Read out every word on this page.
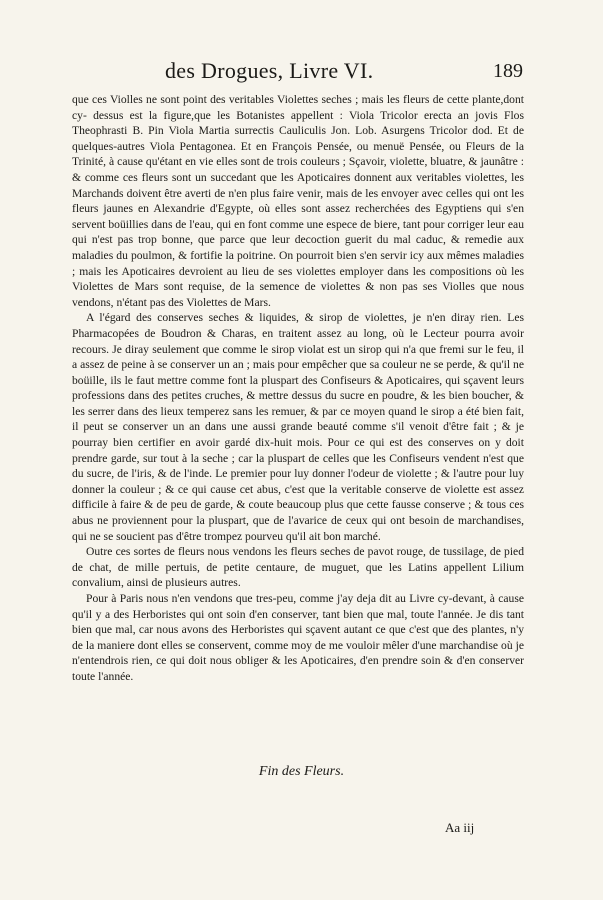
des Drogues, Livre VI.	189

que ces Violles ne sont point des veritables Violettes seches ; mais les fleurs de cette plante,dont cy- dessus est la figure,que les Botanistes appellent : Viola Tricolor erecta an jovis Flos Theophrasti B. Pin Viola Martia surrectis Cauliculis Jon. Lob. Asurgens Tricolor dod. Et de quelques-autres Viola Pentagonea. Et en François Pensée, ou menuë Pensée, ou Fleurs de la Trinité, à cause qu'étant en vie elles sont de trois couleurs ; Sçavoir, violette, bluatre, & jaunâtre : & comme ces fleurs sont un succedant que les Apoticaires donnent aux veritables violettes, les Marchands doivent être averti de n'en plus faire venir, mais de les envoyer avec celles qui ont les fleurs jaunes en Alexandrie d'Egypte, où elles sont assez recherchées des Egyptiens qui s'en servent boüillies dans de l'eau, qui en font comme une espece de biere, tant pour corriger leur eau qui n'est pas trop bonne, que parce que leur decoction guerit du mal caduc, & remedie aux maladies du poulmon, & fortifie la poitrine. On pourroit bien s'en servir icy aux mêmes maladies ; mais les Apoticaires devroient au lieu de ses violettes employer dans les compositions où les Violettes de Mars sont requise, de la semence de violettes & non pas ses Violles que nous vendons, n'étant pas des Violettes de Mars.

A l'égard des conserves seches & liquides, & sirop de violettes, je n'en diray rien. Les Pharmacopées de Boudron & Charas, en traitent assez au long, où le Lecteur pourra avoir recours. Je diray seulement que comme le sirop violat est un sirop qui n'a que fremi sur le feu, il a assez de peine à se conserver un an ; mais pour empêcher que sa couleur ne se perde, & qu'il ne boüille, ils le faut mettre comme font la pluspart des Confiseurs & Apoticaires, qui sçavent leurs professions dans des petites cruches, & mettre dessus du sucre en poudre, & les bien boucher, & les serrer dans des lieux temperez sans les remuer, & par ce moyen quand le sirop a été bien fait, il peut se conserver un an dans une aussi grande beauté comme s'il venoit d'être fait ; & je pourray bien certifier en avoir gardé dix-huit mois. Pour ce qui est des conserves on y doit prendre garde, sur tout à la seche ; car la pluspart de celles que les Confiseurs vendent n'est que du sucre, de l'iris, & de l'inde. Le premier pour luy donner l'odeur de violette ; & l'autre pour luy donner la couleur ; & ce qui cause cet abus, c'est que la veritable conserve de violette est assez difficile à faire & de peu de garde, & coute beaucoup plus que cette fausse conserve ; & tous ces abus ne proviennent pour la pluspart, que de l'avarice de ceux qui ont besoin de marchandises, qui ne se soucient pas d'être trompez pourveu qu'il ait bon marché.

Outre ces sortes de fleurs nous vendons les fleurs seches de pavot rouge, de tussilage, de pied de chat, de mille pertuis, de petite centaure, de muguet, que les Latins appellent Lilium convalium, ainsi de plusieurs autres.

Pour à Paris nous n'en vendons que tres-peu, comme j'ay deja dit au Livre cy-devant, à cause qu'il y a des Herboristes qui ont soin d'en conserver, tant bien que mal, toute l'année. Je dis tant bien que mal, car nous avons des Herboristes qui sçavent autant ce que c'est que des plantes, n'y de la maniere dont elles se conservent, comme moy de me vouloir mêler d'une marchandise où je n'entendrois rien, ce qui doit nous obliger & les Apoticaires, d'en prendre soin & d'en conserver toute l'année.

Fin des Fleurs.
Aa iij
